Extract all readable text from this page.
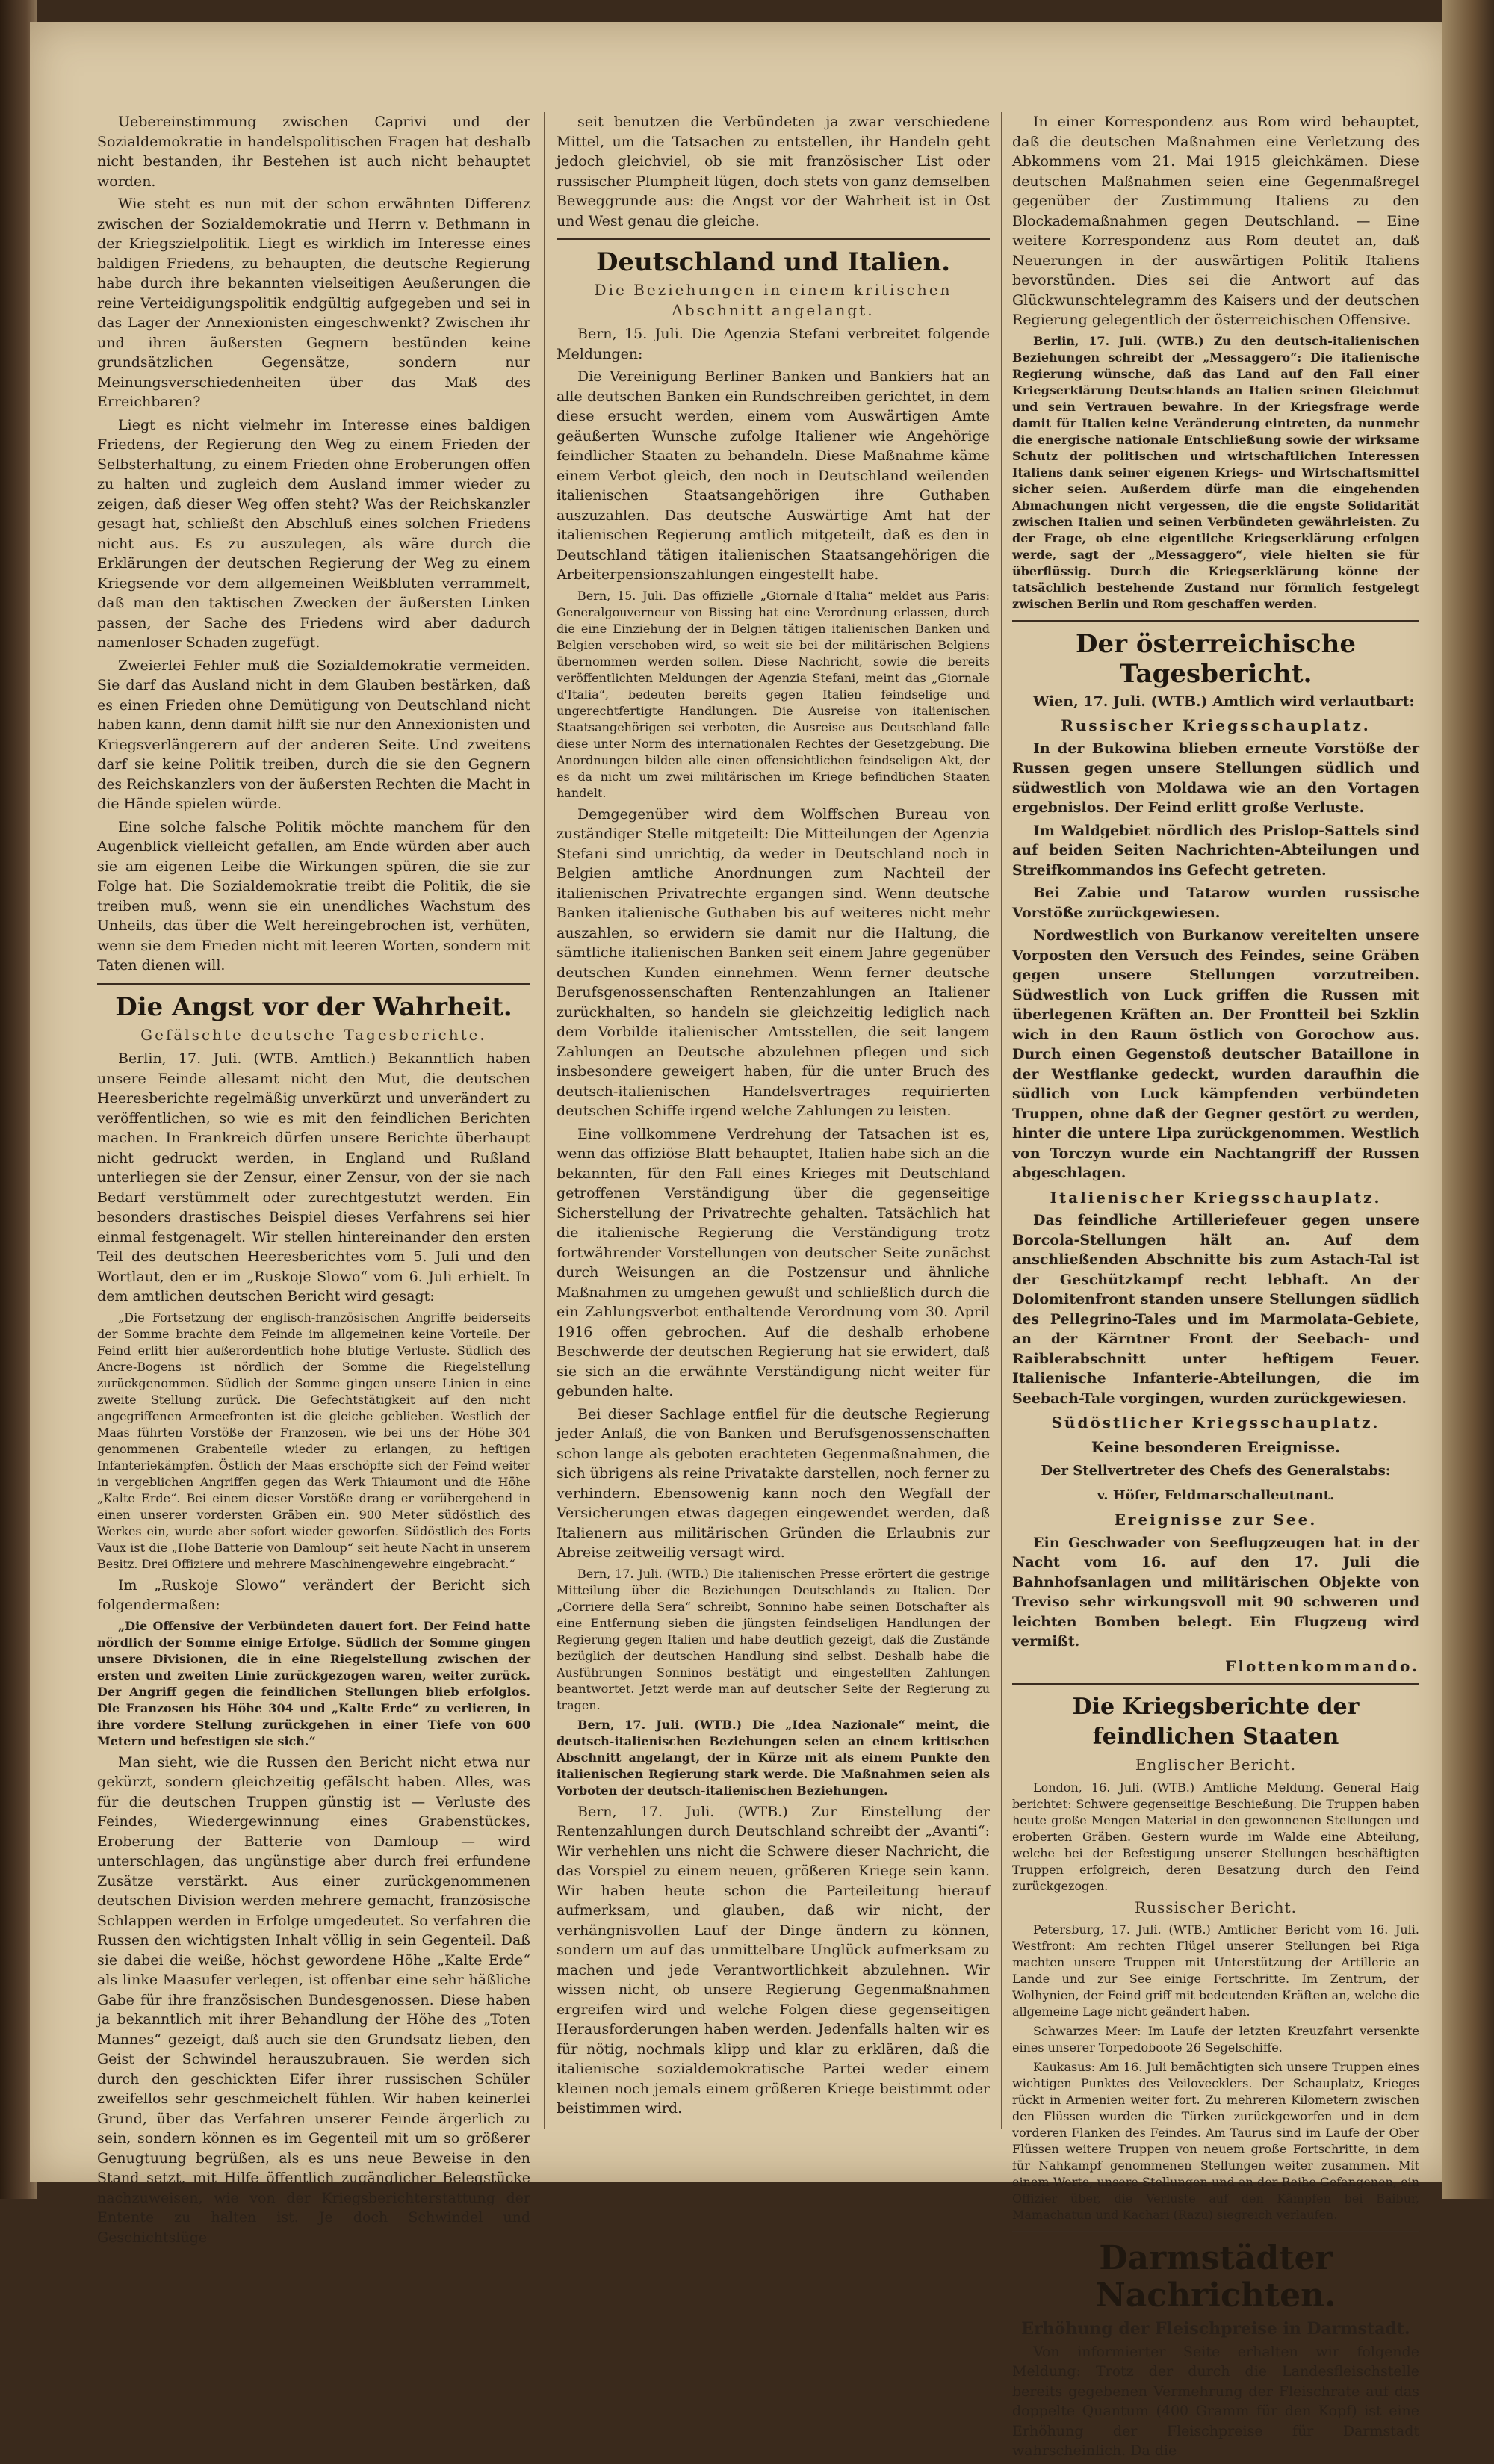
Uebereinstimmung zwischen Caprivi und der Sozialdemokratie in handelspolitischen Fragen hat deshalb nicht bestanden, ihr Bestehen ist auch nicht behauptet worden.

Wie steht es nun mit der schon erwähnten Differenz zwischen der Sozialdemokratie und Herrn v. Bethmann in der Kriegszielpolitik. Liegt es wirklich im Interesse eines baldigen Friedens, zu behaupten, die deutsche Regierung habe durch ihre bekannten vielseitigen Aeußerungen die reine Verteidigungspolitik endgültig aufgegeben und sei in das Lager der Annexionisten eingeschwenkt? Zwischen ihr und ihren äußersten Gegnern bestünden keine grundsätzlichen Gegensätze, sondern nur Meinungsverschiedenheiten über das Maß des Erreichbaren?

Liegt es nicht vielmehr im Interesse eines baldigen Friedens, der Regierung den Weg zu einem Frieden der Selbsterhaltung, zu einem Frieden ohne Eroberungen offen zu halten und zugleich dem Ausland immer wieder zu zeigen, daß dieser Weg offen steht? Was der Reichskanzler gesagt hat, schließt den Abschluß eines solchen Friedens nicht aus. Es zu auszulegen, als wäre durch die Erklärungen der deutschen Regierung der Weg zu einem Kriegsende vor dem allgemeinen Weißbluten verrammelt, daß man den taktischen Zwecken der äußersten Linken passen, der Sache des Friedens wird aber dadurch namenloser Schaden zugefügt.

Zweierlei Fehler muß die Sozialdemokratie vermeiden. Sie darf das Ausland nicht in dem Glauben bestärken, daß es einen Frieden ohne Demütigung von Deutschland nicht haben kann, denn damit hilft sie nur den Annexionisten und Kriegsverlängerern auf der anderen Seite. Und zweitens darf sie keine Politik treiben, durch die sie den Gegnern des Reichskanzlers von der äußersten Rechten die Macht in die Hände spielen würde.

Eine solche falsche Politik möchte manchem für den Augenblick vielleicht gefallen, am Ende würden aber auch sie am eigenen Leibe die Wirkungen spüren, die sie zur Folge hat. Die Sozialdemokratie treibt die Politik, die sie treiben muß, wenn sie ein unendliches Wachstum des Unheils, das über die Welt hereingebrochen ist, verhüten, wenn sie dem Frieden nicht mit leeren Worten, sondern mit Taten dienen will.

Die Angst vor der Wahrheit.
Gefälschte deutsche Tagesberichte.

Berlin, 17. Juli. (WTB. Amtlich.) Bekanntlich haben unsere Feinde allesamt nicht den Mut, die deutschen Heeresberichte regelmäßig unverkürzt und unverändert zu veröffentlichen, so wie es mit den feindlichen Berichten machen. In Frankreich dürfen unsere Berichte überhaupt nicht gedruckt werden, in England und Rußland unterliegen sie der Zensur, einer Zensur, von der sie nach Bedarf verstümmelt oder zurechtgestutzt werden. Ein besonders drastisches Beispiel dieses Verfahrens sei hier einmal festgenagelt. Wir stellen hintereinander den ersten Teil des deutschen Heeresberichtes vom 5. Juli und den Wortlaut, den er im „Ruskoje Slowo“ vom 6. Juli erhielt. In dem amtlichen deutschen Bericht wird gesagt:

„Die Fortsetzung der englisch-französischen Angriffe beiderseits der Somme brachte dem Feinde im allgemeinen keine Vorteile. Der Feind erlitt hier außerordentlich hohe blutige Verluste. Südlich des Ancre-Bogens ist nördlich der Somme die Riegelstellung zurückgenommen. Südlich der Somme gingen unsere Linien in eine zweite Stellung zurück. Die Gefechtstätigkeit auf den nicht angegriffenen Armeefronten ist die gleiche geblieben. Westlich der Maas führten Vorstöße der Franzosen, wie bei uns der Höhe 304 genommenen Grabenteile wieder zu erlangen, zu heftigen Infanteriekämpfen. Östlich der Maas erschöpfte sich der Feind weiter in vergeblichen Angriffen gegen das Werk Thiaumont und die Höhe „Kalte Erde“. Bei einem dieser Vorstöße drang er vorübergehend in einen unserer vordersten Gräben ein. 900 Meter südöstlich des Werkes ein, wurde aber sofort wieder geworfen. Südöstlich des Forts Vaux ist die „Hohe Batterie von Damloup“ seit heute Nacht in unserem Besitz. Drei Offiziere und mehrere Maschinengewehre eingebracht.“

Im „Ruskoje Slowo“ verändert der Bericht sich folgendermaßen:

„Die Offensive der Verbündeten dauert fort. Der Feind hatte nördlich der Somme einige Erfolge. Südlich der Somme gingen unsere Divisionen, die in eine Riegelstellung zwischen der ersten und zweiten Linie zurückgezogen waren, weiter zurück. Der Angriff gegen die feindlichen Stellungen blieb erfolglos. Die Franzosen bis Höhe 304 und „Kalte Erde“ zu verlieren, in ihre vordere Stellung zurückgehen in einer Tiefe von 600 Metern und befestigen sie sich.“

Man sieht, wie die Russen den Bericht nicht etwa nur gekürzt, sondern gleichzeitig gefälscht haben. Alles, was für die deutschen Truppen günstig ist — Verluste des Feindes, Wiedergewinnung eines Grabenstückes, Eroberung der Batterie von Damloup — wird unterschlagen, das ungünstige aber durch frei erfundene Zusätze verstärkt. Aus einer zurückgenommenen deutschen Division werden mehrere gemacht, französische Schlappen werden in Erfolge umgedeutet. So verfahren die Russen den wichtigsten Inhalt völlig in sein Gegenteil. Daß sie dabei die weiße, höchst gewordene Höhe „Kalte Erde“ als linke Maasufer verlegen, ist offenbar eine sehr häßliche Gabe für ihre französischen Bundesgenossen. Diese haben ja bekanntlich mit ihrer Behandlung der Höhe des „Toten Mannes“ gezeigt, daß auch sie den Grundsatz lieben, den Geist der Schwindel herauszubrauen. Sie werden sich durch den geschickten Eifer ihrer russischen Schüler zweifellos sehr geschmeichelt fühlen. Wir haben keinerlei Grund, über das Verfahren unserer Feinde ärgerlich zu sein, sondern können es im Gegenteil mit um so größerer Genugtuung begrüßen, als es uns neue Beweise in den Stand setzt, mit Hilfe öffentlich zugänglicher Belegstücke nachzuweisen, wie von der Kriegsberichterstattung der Entente zu halten ist. Je doch Schwindel und Geschichtslüge

seit benutzen die Verbündeten ja zwar verschiedene Mittel, um die Tatsachen zu entstellen, ihr Handeln geht jedoch gleichviel, ob sie mit französischer List oder russischer Plumpheit lügen, doch stets von ganz demselben Beweggrunde aus: die Angst vor der Wahrheit ist in Ost und West genau die gleiche.

Deutschland und Italien.
Die Beziehungen in einem kritischen Abschnitt angelangt.

Bern, 15. Juli. Die Agenzia Stefani verbreitet folgende Meldungen:

Die Vereinigung Berliner Banken und Bankiers hat an alle deutschen Banken ein Rundschreiben gerichtet, in dem diese ersucht werden, einem vom Auswärtigen Amte geäußerten Wunsche zufolge Italiener wie Angehörige feindlicher Staaten zu behandeln. Diese Maßnahme käme einem Verbot gleich, den noch in Deutschland weilenden italienischen Staatsangehörigen ihre Guthaben auszuzahlen. Das deutsche Auswärtige Amt hat der italienischen Regierung amtlich mitgeteilt, daß es den in Deutschland tätigen italienischen Staatsangehörigen die Arbeiterpensionszahlungen eingestellt habe.

Bern, 15. Juli. Das offizielle „Giornale d'Italia“ meldet aus Paris: Generalgouverneur von Bissing hat eine Verordnung erlassen, durch die eine Einziehung der in Belgien tätigen italienischen Banken und Belgien verschoben wird, so weit sie bei der militärischen Belgiens übernommen werden sollen. Diese Nachricht, sowie die bereits veröffentlichten Meldungen der Agenzia Stefani, meint das „Giornale d'Italia“, bedeuten bereits gegen Italien feindselige und ungerechtfertigte Handlungen. Die Ausreise von italienischen Staatsangehörigen sei verboten, die Ausreise aus Deutschland falle diese unter Norm des internationalen Rechtes der Gesetzgebung. Die Anordnungen bilden alle einen offensichtlichen feindseligen Akt, der es da nicht um zwei militärischen im Kriege befindlichen Staaten handelt.

Demgegenüber wird dem Wolffschen Bureau von zuständiger Stelle mitgeteilt: Die Mitteilungen der Agenzia Stefani sind unrichtig, da weder in Deutschland noch in Belgien amtliche Anordnungen zum Nachteil der italienischen Privatrechte ergangen sind. Wenn deutsche Banken italienische Guthaben bis auf weiteres nicht mehr auszahlen, so erwidern sie damit nur die Haltung, die sämtliche italienischen Banken seit einem Jahre gegenüber deutschen Kunden einnehmen. Wenn ferner deutsche Berufsgenossenschaften Rentenzahlungen an Italiener zurückhalten, so handeln sie gleichzeitig lediglich nach dem Vorbilde italienischer Amtsstellen, die seit langem Zahlungen an Deutsche abzulehnen pflegen und sich insbesondere geweigert haben, für die unter Bruch des deutsch-italienischen Handelsvertrages requirierten deutschen Schiffe irgend welche Zahlungen zu leisten.

Eine vollkommene Verdrehung der Tatsachen ist es, wenn das offiziöse Blatt behauptet, Italien habe sich an die bekannten, für den Fall eines Krieges mit Deutschland getroffenen Verständigung über die gegenseitige Sicherstellung der Privatrechte gehalten. Tatsächlich hat die italienische Regierung die Verständigung trotz fortwährender Vorstellungen von deutscher Seite zunächst durch Weisungen an die Postzensur und ähnliche Maßnahmen zu umgehen gewußt und schließlich durch die ein Zahlungsverbot enthaltende Verordnung vom 30. April 1916 offen gebrochen. Auf die deshalb erhobene Beschwerde der deutschen Regierung hat sie erwidert, daß sie sich an die erwähnte Verständigung nicht weiter für gebunden halte.

Bei dieser Sachlage entfiel für die deutsche Regierung jeder Anlaß, die von Banken und Berufsgenossenschaften schon lange als geboten erachteten Gegenmaßnahmen, die sich übrigens als reine Privatakte darstellen, noch ferner zu verhindern. Ebensowenig kann noch den Wegfall der Versicherungen etwas dagegen eingewendet werden, daß Italienern aus militärischen Gründen die Erlaubnis zur Abreise zeitweilig versagt wird.

Bern, 17. Juli. (WTB.) Die italienischen Presse erörtert die gestrige Mitteilung über die Beziehungen Deutschlands zu Italien. Der „Corriere della Sera“ schreibt, Sonnino habe seinen Botschafter als eine Entfernung sieben die jüngsten feindseligen Handlungen der Regierung gegen Italien und habe deutlich gezeigt, daß die Zustände bezüglich der deutschen Handlung sind selbst. Deshalb habe die Ausführungen Sonninos bestätigt und eingestellten Zahlungen beantwortet. Jetzt werde man auf deutscher Seite der Regierung zu tragen.

Bern, 17. Juli. (WTB.) Die „Idea Nazionale“ meint, die deutsch-italienischen Beziehungen seien an einem kritischen Abschnitt angelangt, der in Kürze mit als einem Punkte den italienischen Regierung stark werde. Die Maßnahmen seien als Vorboten der deutsch-italienischen Beziehungen.

Bern, 17. Juli. (WTB.) Zur Einstellung der Rentenzahlungen durch Deutschland schreibt der „Avanti“: Wir verhehlen uns nicht die Schwere dieser Nachricht, die das Vorspiel zu einem neuen, größeren Kriege sein kann. Wir haben heute schon die Parteileitung hierauf aufmerksam, und glauben, daß wir nicht, der verhängnisvollen Lauf der Dinge ändern zu können, sondern um auf das unmittelbare Unglück aufmerksam zu machen und jede Verantwortlichkeit abzulehnen. Wir wissen nicht, ob unsere Regierung Gegenmaßnahmen ergreifen wird und welche Folgen diese gegenseitigen Herausforderungen haben werden. Jedenfalls halten wir es für nötig, nochmals klipp und klar zu erklären, daß die italienische sozialdemokratische Partei weder einem kleinen noch jemals einem größeren Kriege beistimmt oder beistimmen wird.

In einer Korrespondenz aus Rom wird behauptet, daß die deutschen Maßnahmen eine Verletzung des Abkommens vom 21. Mai 1915 gleichkämen. Diese deutschen Maßnahmen seien eine Gegenmaßregel gegenüber der Zustimmung Italiens zu den Blockademaßnahmen gegen Deutschland. — Eine weitere Korrespondenz aus Rom deutet an, daß Neuerungen in der auswärtigen Politik Italiens bevorstünden. Dies sei die Antwort auf das Glückwunschtelegramm des Kaisers und der deutschen Regierung gelegentlich der österreichischen Offensive.

Berlin, 17. Juli. (WTB.) Zu den deutsch-italienischen Beziehungen schreibt der „Messaggero“: Die italienische Regierung wünsche, daß das Land auf den Fall einer Kriegserklärung Deutschlands an Italien seinen Gleichmut und sein Vertrauen bewahre. In der Kriegsfrage werde damit für Italien keine Veränderung eintreten, da nunmehr die energische nationale Entschließung sowie der wirksame Schutz der politischen und wirtschaftlichen Interessen Italiens dank seiner eigenen Kriegs- und Wirtschaftsmittel sicher seien. Außerdem dürfe man die eingehenden Abmachungen nicht vergessen, die die engste Solidarität zwischen Italien und seinen Verbündeten gewährleisten. Zu der Frage, ob eine eigentliche Kriegserklärung erfolgen werde, sagt der „Messaggero“, viele hielten sie für überflüssig. Durch die Kriegserklärung könne der tatsächlich bestehende Zustand nur förmlich festgelegt zwischen Berlin und Rom geschaffen werden.

Der österreichische Tagesbericht.

Wien, 17. Juli. (WTB.) Amtlich wird verlautbart:

Russischer Kriegsschauplatz.

In der Bukowina blieben erneute Vorstöße der Russen gegen unsere Stellungen südlich und südwestlich von Moldawa wie an den Vortagen ergebnislos. Der Feind erlitt große Verluste.

Im Waldgebiet nördlich des Prislop-Sattels sind auf beiden Seiten Nachrichten-Abteilungen und Streifkommandos ins Gefecht getreten.

Bei Zabie und Tatarow wurden russische Vorstöße zurückgewiesen.

Nordwestlich von Burkanow vereitelten unsere Vorposten den Versuch des Feindes, seine Gräben gegen unsere Stellungen vorzutreiben. Südwestlich von Luck griffen die Russen mit überlegenen Kräften an. Der Frontteil bei Szklin wich in den Raum östlich von Gorochow aus. Durch einen Gegenstoß deutscher Bataillone in der Westflanke gedeckt, wurden daraufhin die südlich von Luck kämpfenden verbündeten Truppen, ohne daß der Gegner gestört zu werden, hinter die untere Lipa zurückgenommen. Westlich von Torczyn wurde ein Nachtangriff der Russen abgeschlagen.

Italienischer Kriegsschauplatz.

Das feindliche Artilleriefeuer gegen unsere Borcola-Stellungen hält an. Auf dem anschließenden Abschnitte bis zum Astach-Tal ist der Geschützkampf recht lebhaft. An der Dolomitenfront standen unsere Stellungen südlich des Pellegrino-Tales und im Marmolata-Gebiete, an der Kärntner Front der Seebach- und Raiblerabschnitt unter heftigem Feuer. Italienische Infanterie-Abteilungen, die im Seebach-Tale vorgingen, wurden zurückgewiesen.

Südöstlicher Kriegsschauplatz.
Keine besonderen Ereignisse.
Der Stellvertreter des Chefs des Generalstabs:
v. Höfer, Feldmarschalleutnant.
Ereignisse zur See.

Ein Geschwader von Seeflugzeugen hat in der Nacht vom 16. auf den 17. Juli die Bahnhofsanlagen und militärischen Objekte von Treviso sehr wirkungsvoll mit 90 schweren und leichten Bomben belegt. Ein Flugzeug wird vermißt.

Flottenkommando.
Die Kriegsberichte der feindlichen Staaten
Englischer Bericht.

London, 16. Juli. (WTB.) Amtliche Meldung. General Haig berichtet: Schwere gegenseitige Beschießung. Die Truppen haben heute große Mengen Material in den gewonnenen Stellungen und eroberten Gräben. Gestern wurde im Walde eine Abteilung, welche bei der Befestigung unserer Stellungen beschäftigten Truppen erfolgreich, deren Besatzung durch den Feind zurückgezogen.

Russischer Bericht.

Petersburg, 17. Juli. (WTB.) Amtlicher Bericht vom 16. Juli. Westfront: Am rechten Flügel unserer Stellungen bei Riga machten unsere Truppen mit Unterstützung der Artillerie an Lande und zur See einige Fortschritte. Im Zentrum, der Wolhynien, der Feind griff mit bedeutenden Kräften an, welche die allgemeine Lage nicht geändert haben.

Schwarzes Meer: Im Laufe der letzten Kreuzfahrt versenkte eines unserer Torpedoboote 26 Segelschiffe.

Kaukasus: Am 16. Juli bemächtigten sich unsere Truppen eines wichtigen Punktes des Veilovecklers. Der Schauplatz, Krieges rückt in Armenien weiter fort. Zu mehreren Kilometern zwischen den Flüssen wurden die Türken zurückgeworfen und in dem vorderen Flanken des Feindes. Am Taurus sind im Laufe der Ober Flüssen weitere Truppen von neuem große Fortschritte, in dem für Nahkampf genommenen Stellungen weiter zusammen. Mit einem Worte, unsere Stellungen und an der Reihe Gefangenen, ein Offizier über, die Verluste auf den Kämpfen bei Baibur, Mamachatun und Kachari (Razu) siegreich verlaufen.

Darmstädter Nachrichten.
Erhöhung der Fleischpreise in Darmstadt.

Von informierter Seite erhalten wir folgende Meldung: Trotz der durch die Landesfleischstelle bereits gegebenen Vermehrung der Fleischrate auf das doppelte Quantum (400 Gramm für den Kopf) ist eine Erhöhung der Fleischpreise für Darmstadt wahrscheinlich. Da die
